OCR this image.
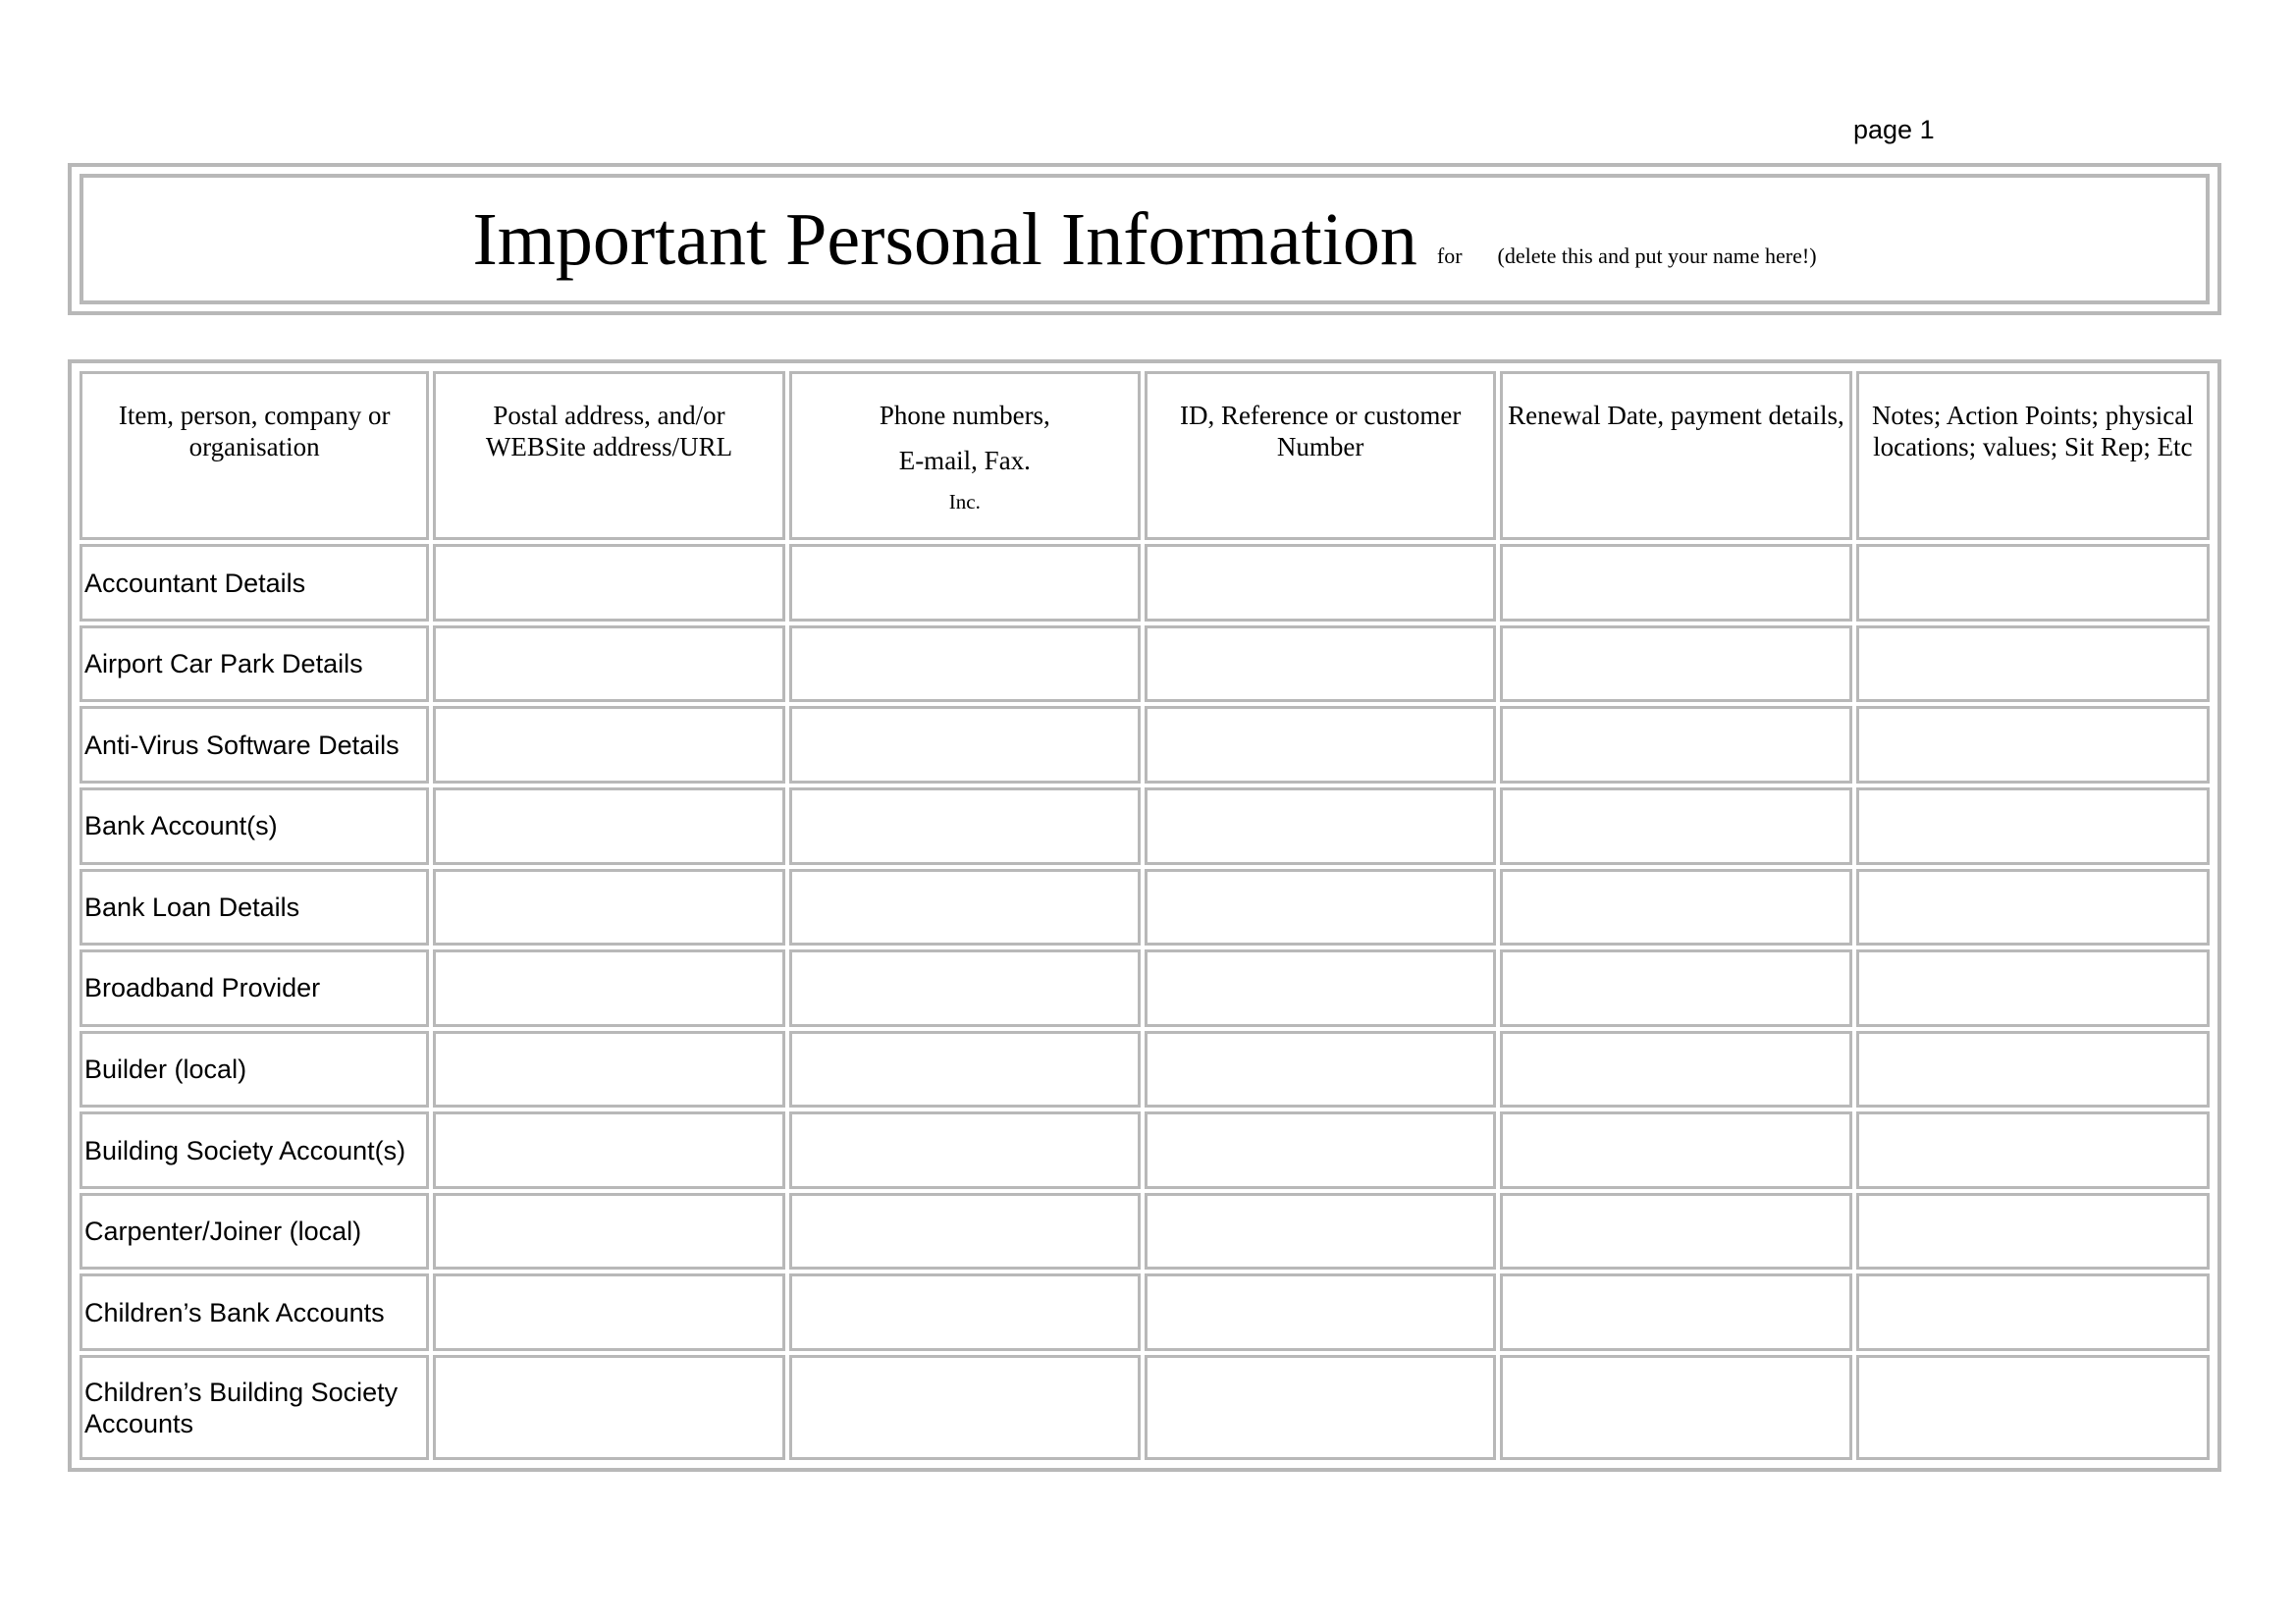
page 1
Important Personal Information for (delete this and put your name here!)
Item, person, company or organisation	Postal address, and/or WEBSite address/URL	Phone numbers,
E-mail, Fax.
Inc.	ID, Reference or customer Number	Renewal Date, payment details,	Notes; Action Points; physical locations; values; Sit Rep; Etc
Accountant Details					
Airport Car Park Details					
Anti-Virus Software Details					
Bank Account(s)					
Bank Loan Details					
Broadband Provider					
Builder (local)					
Building Society Account(s)					
Carpenter/Joiner (local)					
Children’s Bank Accounts					
Children’s Building Society Accounts					
